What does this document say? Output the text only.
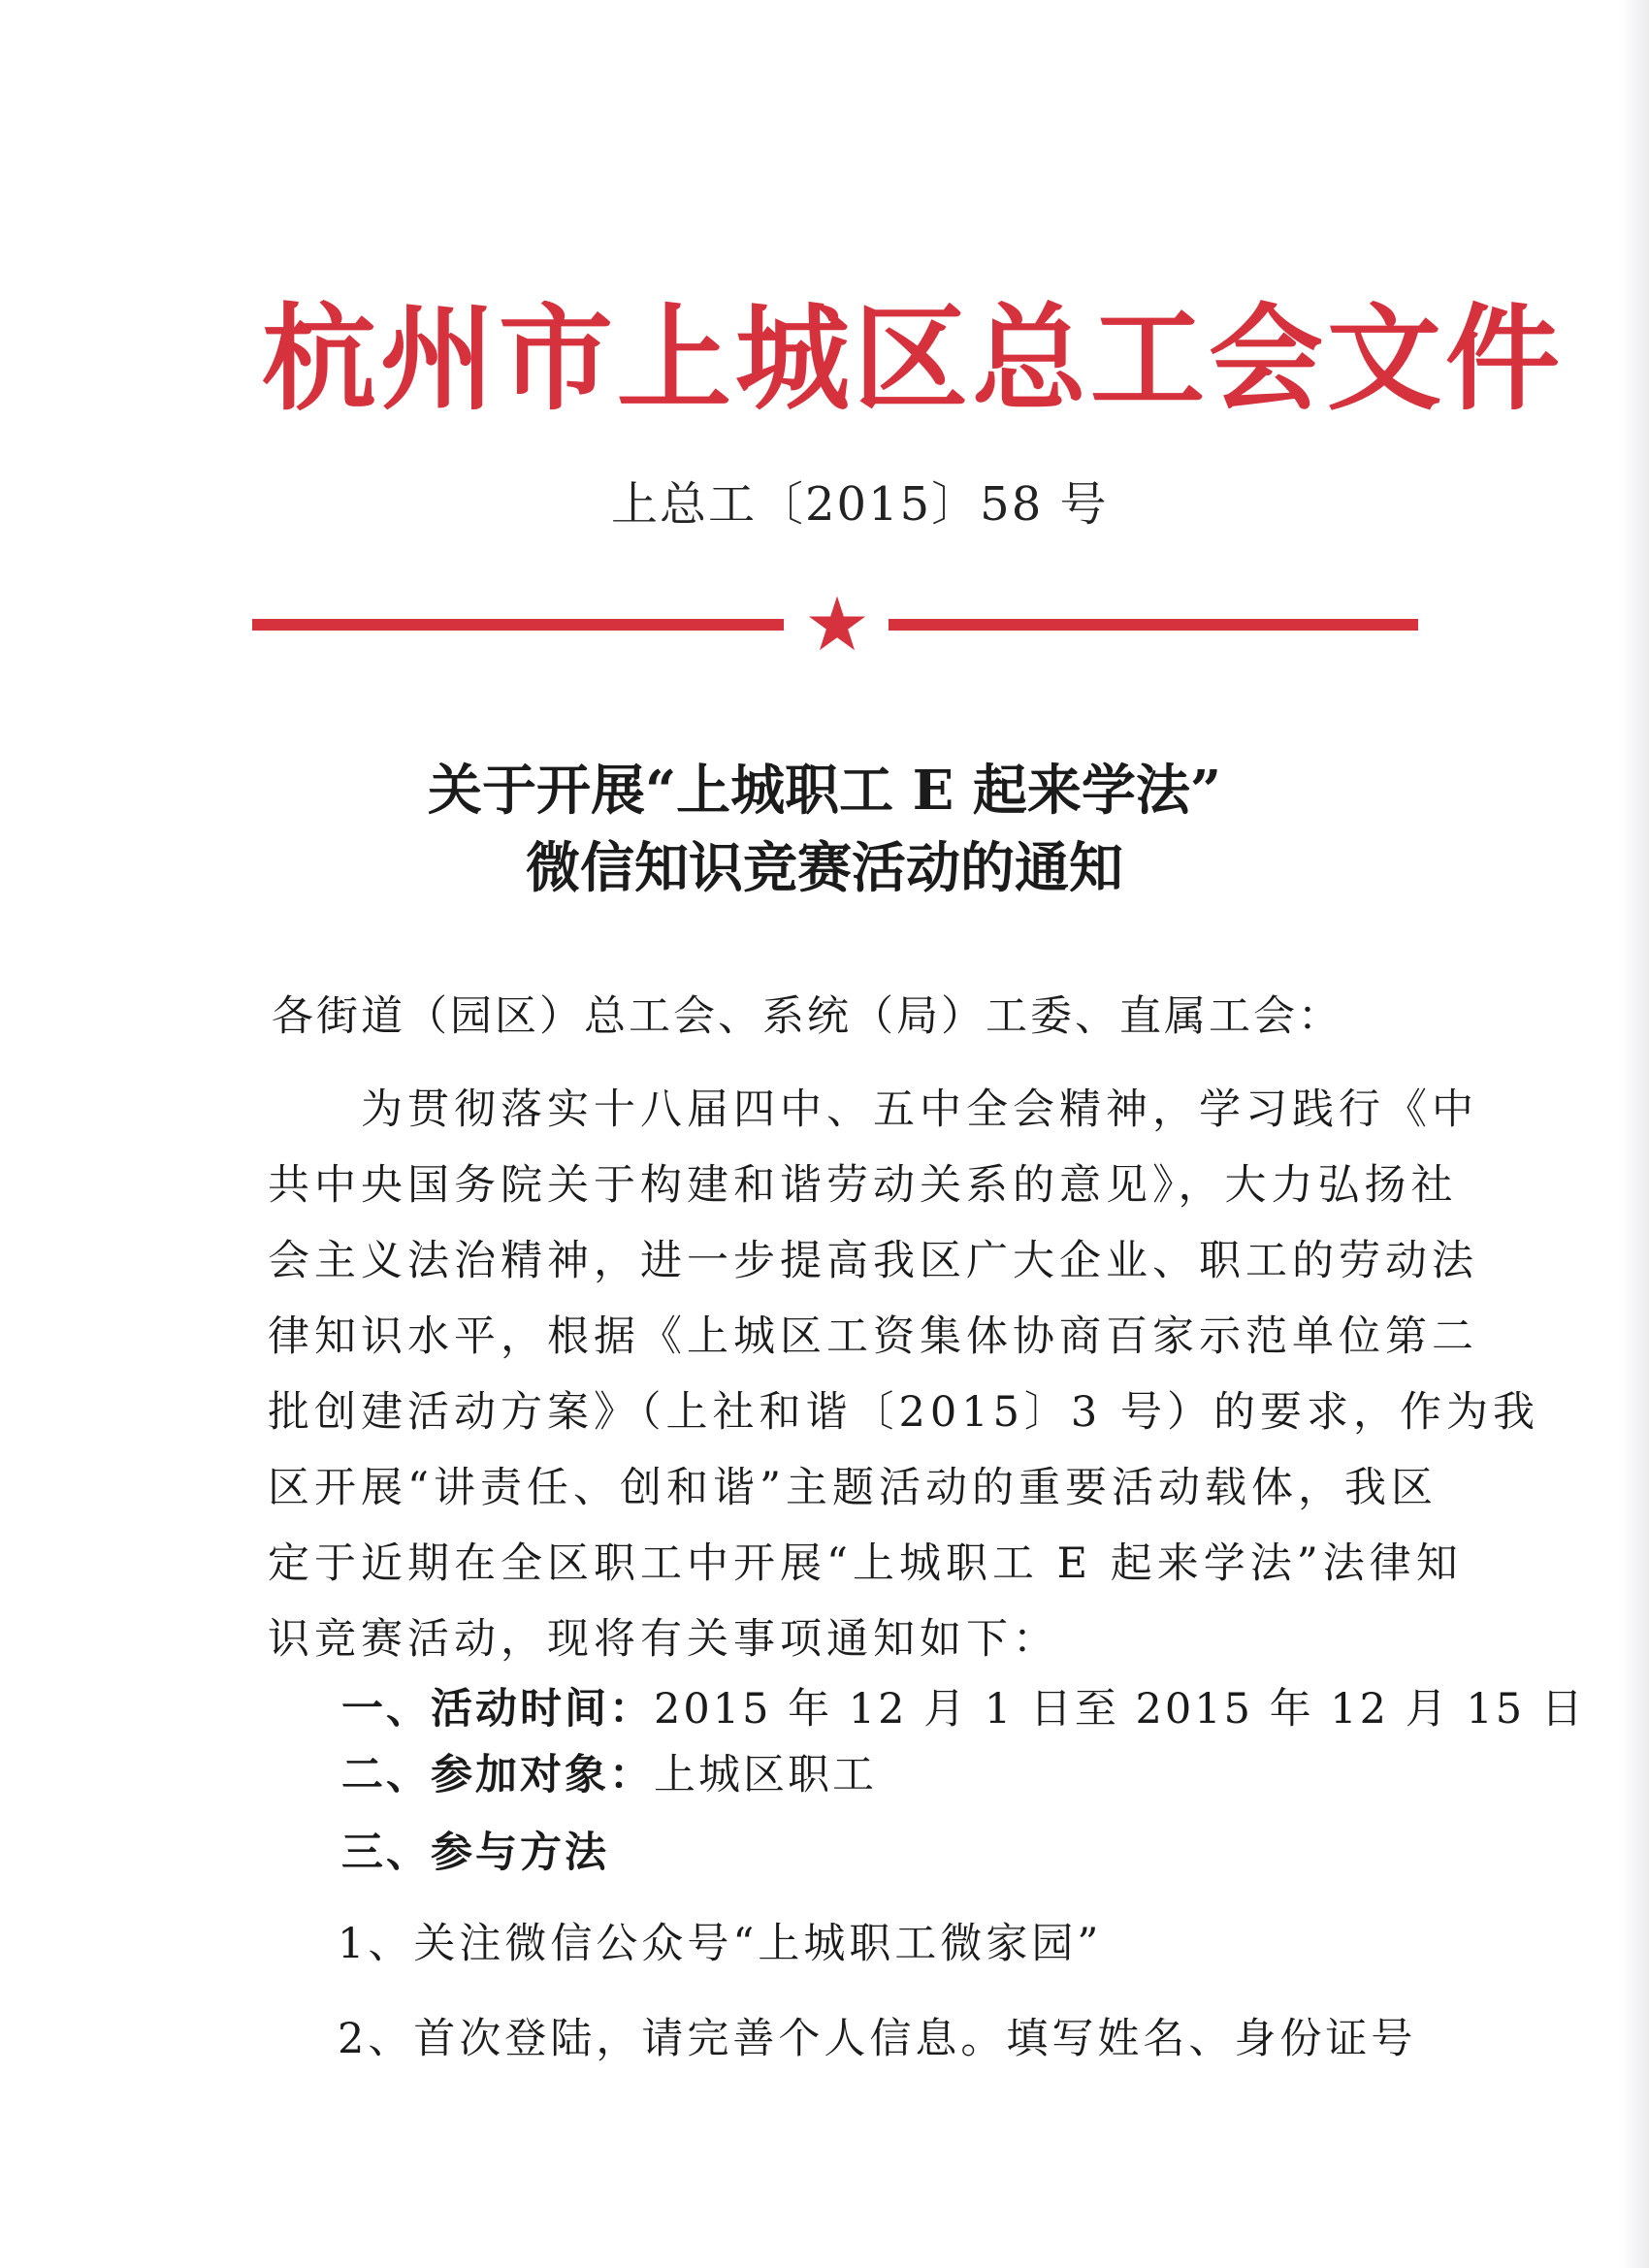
杭州市上城区总工会文件
上总工〔2015〕58 号
关于开展“上城职工 E 起来学法”
微信知识竞赛活动的通知
各街道（园区）总工会、系统（局）工委、直属工会：
　　为贯彻落实十八届四中、五中全会精神，学习践行《中
共中央国务院关于构建和谐劳动关系的意见》，大力弘扬社
会主义法治精神，进一步提高我区广大企业、职工的劳动法
律知识水平，根据《上城区工资集体协商百家示范单位第二
批创建活动方案》（上社和谐〔2015〕3 号）的要求，作为我
区开展“讲责任、创和谐”主题活动的重要活动载体，我区
定于近期在全区职工中开展“上城职工 E 起来学法”法律知
识竞赛活动，现将有关事项通知如下：
一、活动时间：2015 年 12 月 1 日至 2015 年 12 月 15 日
二、参加对象：上城区职工
三、参与方法
1、关注微信公众号“上城职工微家园”
2、首次登陆，请完善个人信息。填写姓名、身份证号
